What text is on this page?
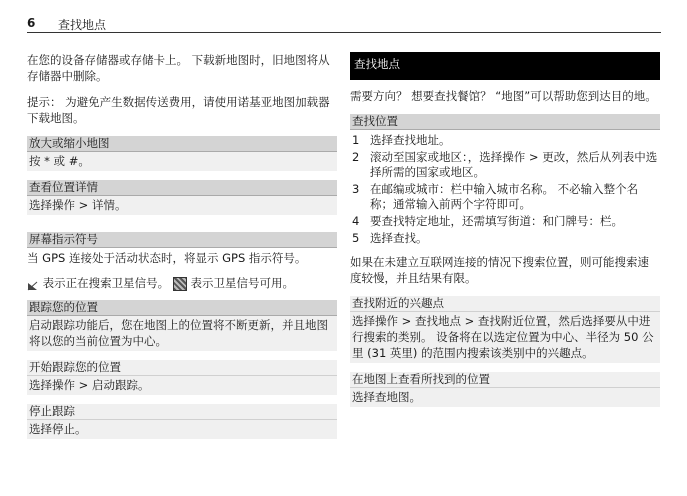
6 查找地点

在您的设备存储器或存储卡上。 下载新地图时，旧地图将从存储器中删除。

提示： 为避免产生数据传送费用，请使用诺基亚地图加载器下载地图。

放大或缩小地图
按 * 或 #。
查看位置详情
选择操作 > 详情。
屏幕指示符号

当 GPS 连接处于活动状态时，将显示 GPS 指示符号。

表示正在搜索卫星信号。 表示卫星信号可用。

跟踪您的位置
启动跟踪功能后，您在地图上的位置将不断更新，并且地图将以您的当前位置为中心。
开始跟踪您的位置
选择操作 > 启动跟踪。
停止跟踪
选择停止。
查找地点

需要方向？ 想要查找餐馆？ “地图”可以帮助您到达目的地。

查找位置
1 选择查找地址。
2 滚动至国家或地区：，选择操作 > 更改，然后从列表中选择所需的国家或地区。
3 在邮编或城市：栏中输入城市名称。 不必输入整个名称；通常输入前两个字符即可。
4 要查找特定地址，还需填写街道：和门牌号：栏。
5 选择查找。

如果在未建立互联网连接的情况下搜索位置，则可能搜索速度较慢，并且结果有限。

查找附近的兴趣点
选择操作 > 查找地点 > 查找附近位置，然后选择要从中进行搜索的类别。 设备将在以选定位置为中心、半径为 50 公里 (31 英里) 的范围内搜索该类别中的兴趣点。
在地图上查看所找到的位置
选择查地图。
